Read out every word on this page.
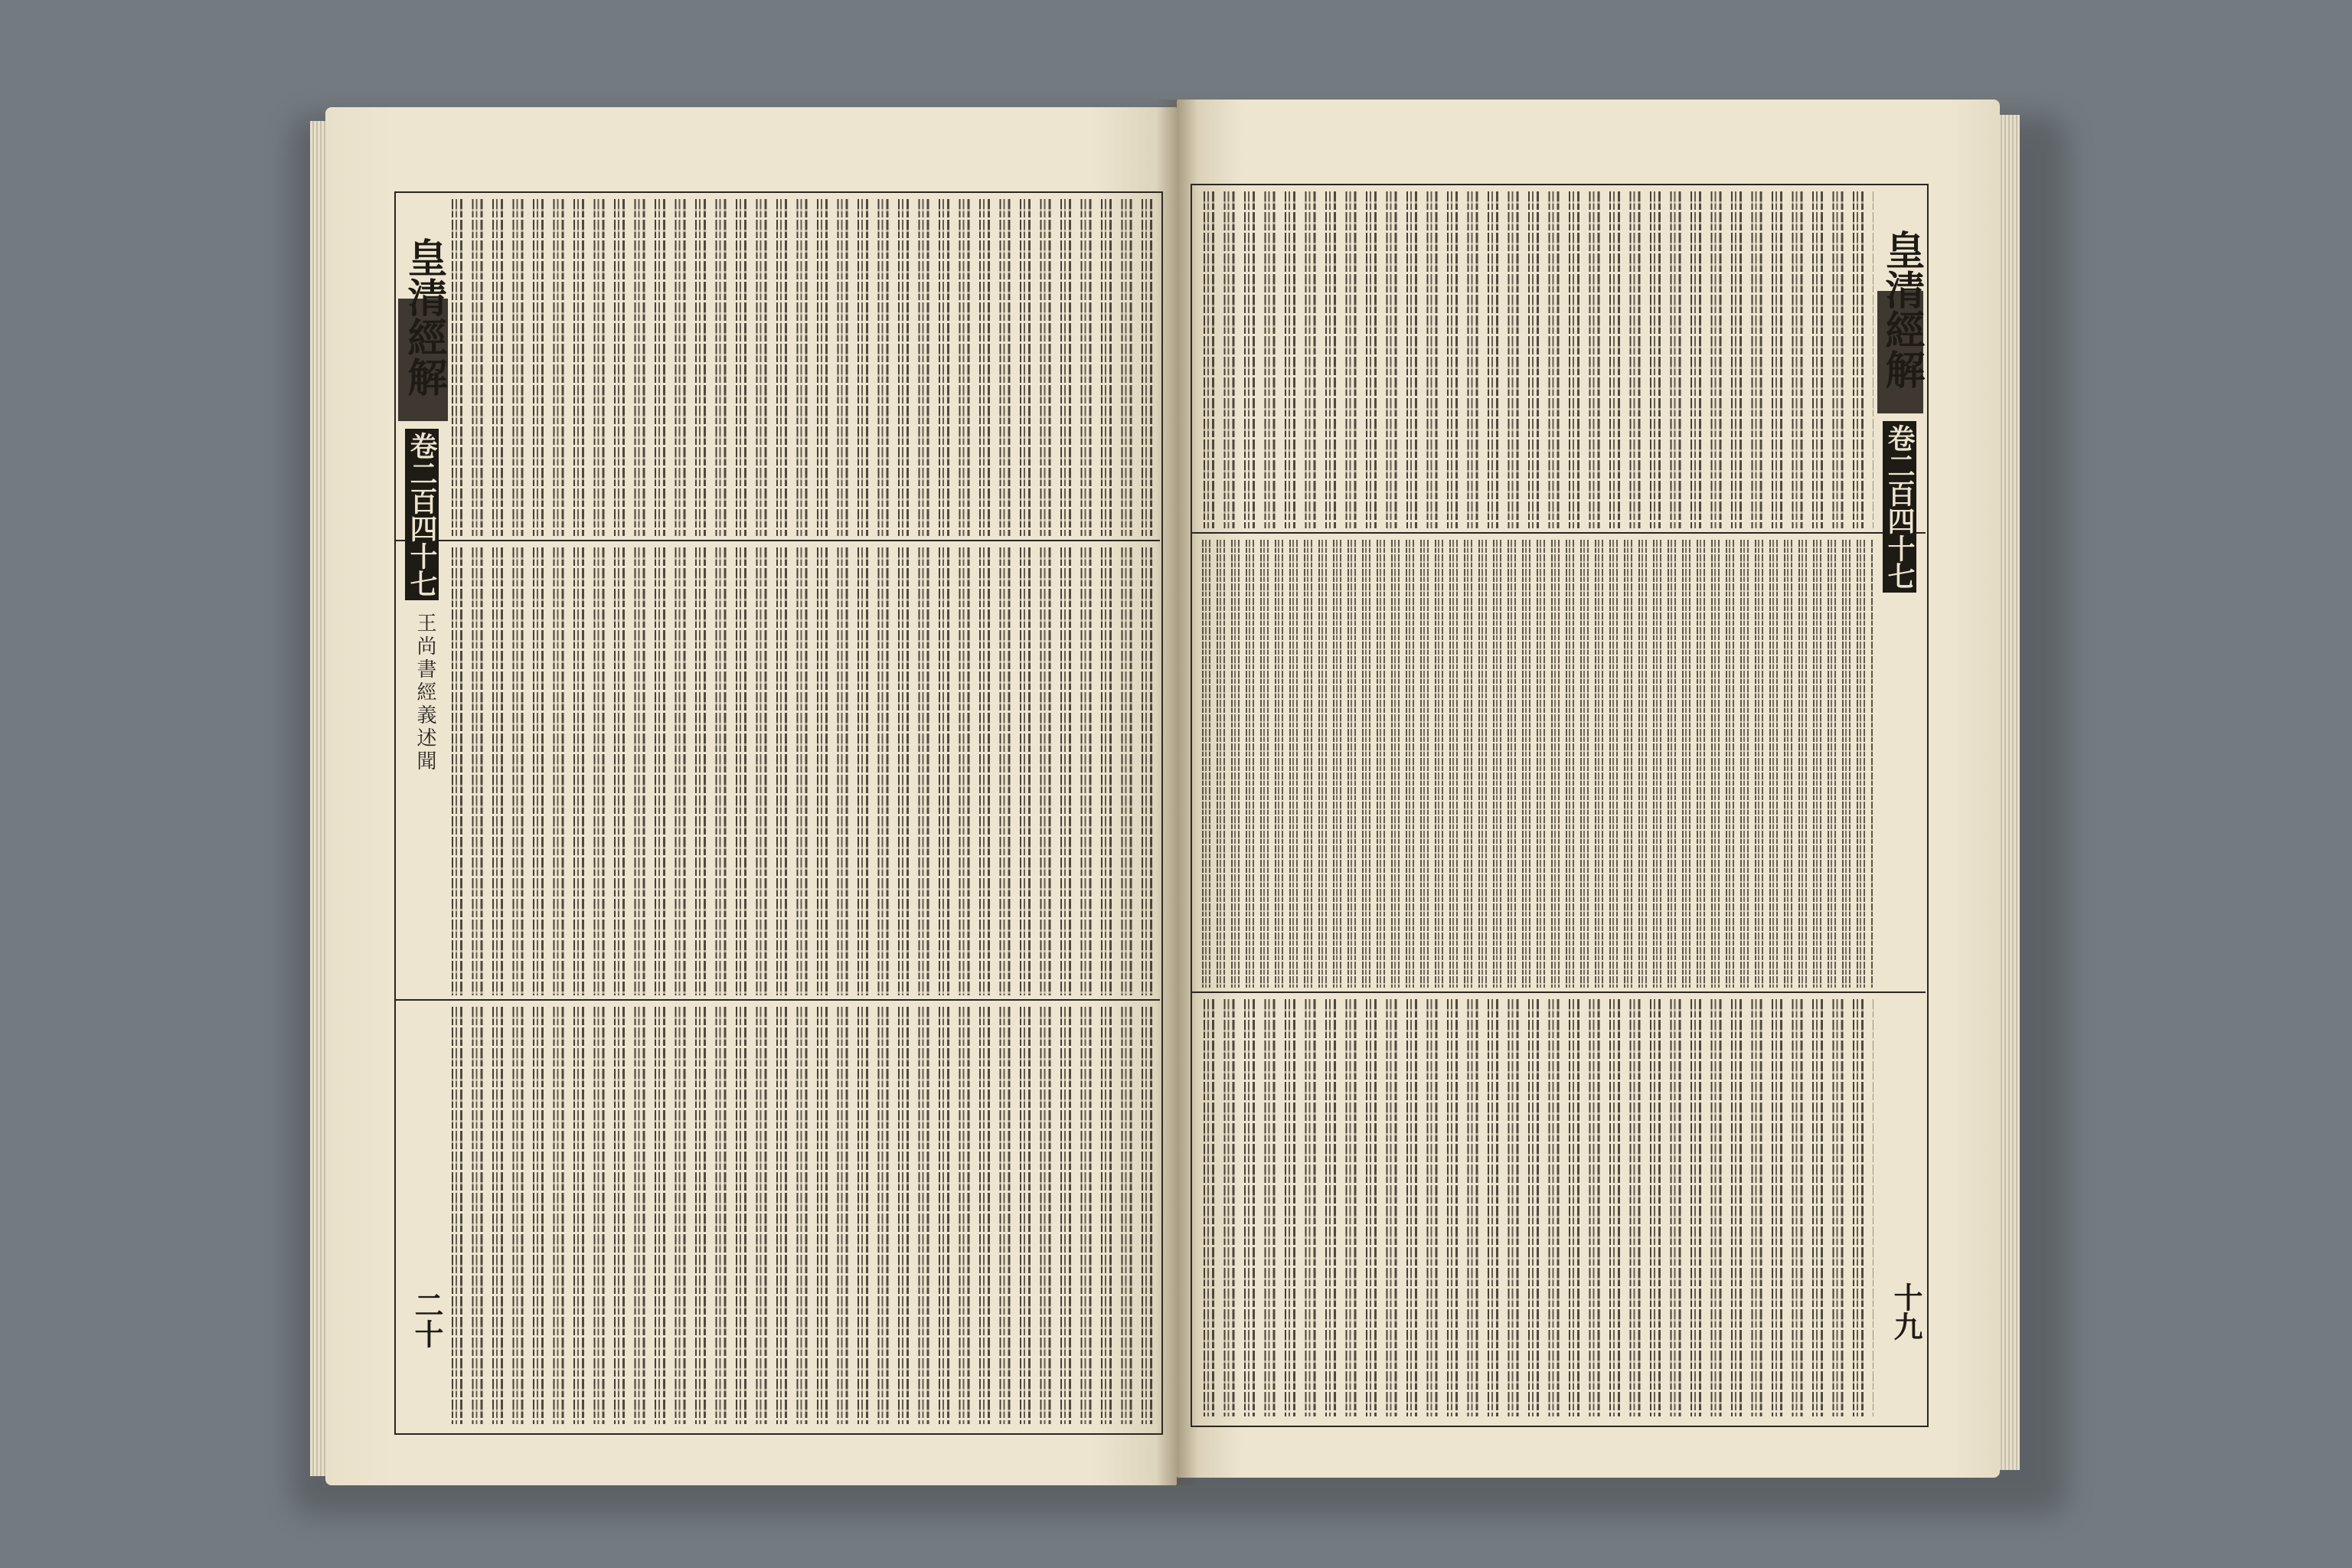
皇清經解
卷二百四十七
王尚書經義述聞
二十
皇清經解
卷二百四十七
十九
